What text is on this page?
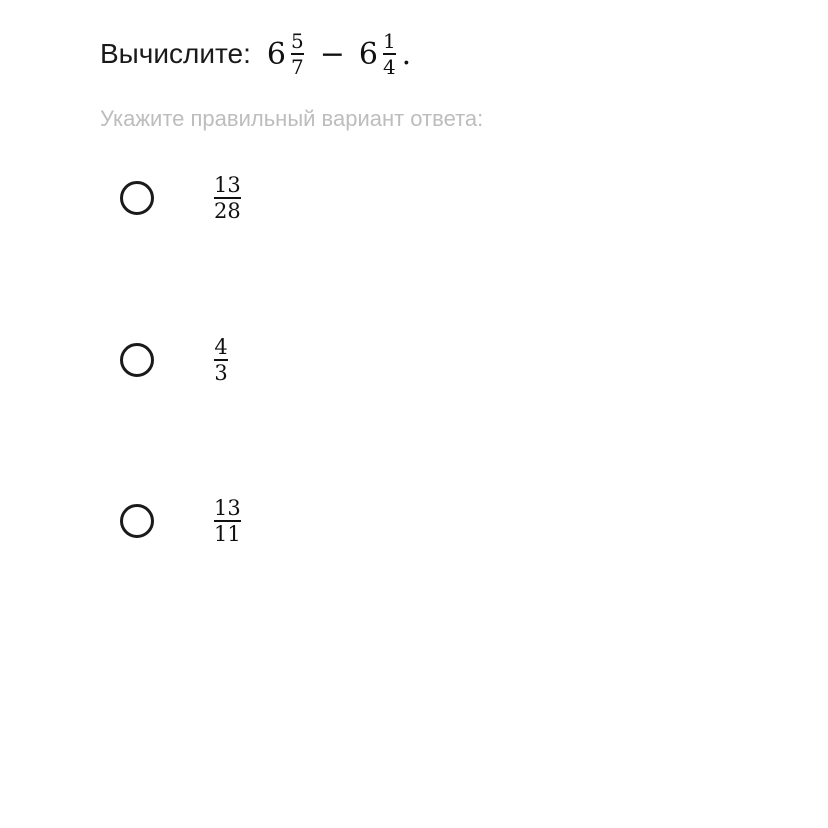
Вычислите: $6 \frac{5}{7} - 6 \frac{1}{4}$ .
Укажите правильный вариант ответа:
$\frac{13}{28}$
$\frac{4}{3}$
$\frac{13}{11}$
